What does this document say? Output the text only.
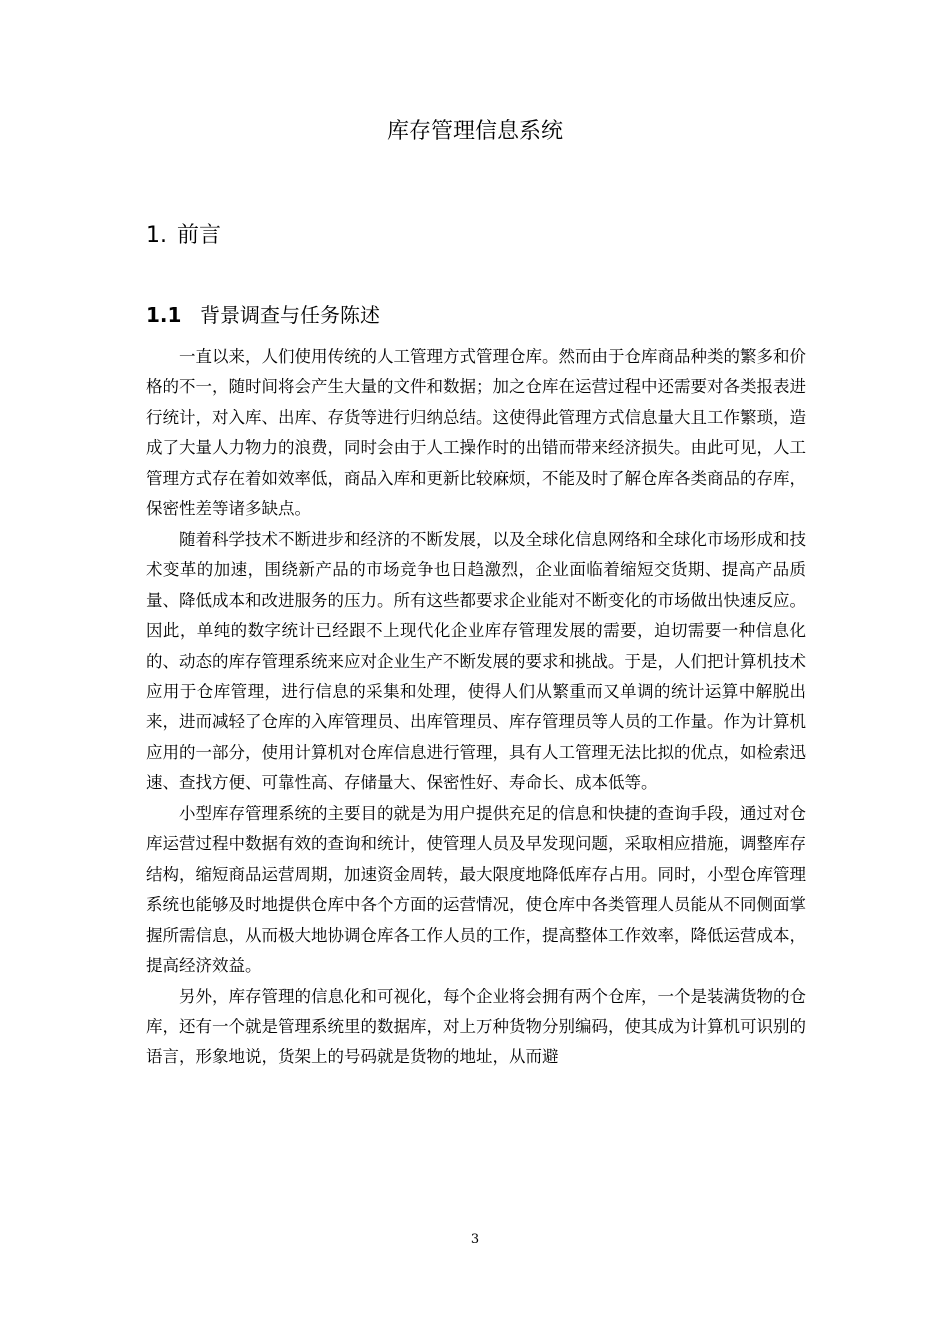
库存管理信息系统
1. 前言
1.1 背景调查与任务陈述

一直以来，人们使用传统的人工管理方式管理仓库。然而由于仓库商品种类的繁多和价格的不一，随时间将会产生大量的文件和数据；加之仓库在运营过程中还需要对各类报表进行统计，对入库、出库、存货等进行归纳总结。这使得此管理方式信息量大且工作繁琐，造成了大量人力物力的浪费，同时会由于人工操作时的出错而带来经济损失。由此可见，人工管理方式存在着如效率低，商品入库和更新比较麻烦，不能及时了解仓库各类商品的存库，保密性差等诸多缺点。

随着科学技术不断进步和经济的不断发展，以及全球化信息网络和全球化市场形成和技术变革的加速，围绕新产品的市场竞争也日趋激烈，企业面临着缩短交货期、提高产品质量、降低成本和改进服务的压力。所有这些都要求企业能对不断变化的市场做出快速反应。因此，单纯的数字统计已经跟不上现代化企业库存管理发展的需要，迫切需要一种信息化的、动态的库存管理系统来应对企业生产不断发展的要求和挑战。于是，人们把计算机技术应用于仓库管理，进行信息的采集和处理，使得人们从繁重而又单调的统计运算中解脱出来，进而减轻了仓库的入库管理员、出库管理员、库存管理员等人员的工作量。作为计算机应用的一部分，使用计算机对仓库信息进行管理，具有人工管理无法比拟的优点，如检索迅速、查找方便、可靠性高、存储量大、保密性好、寿命长、成本低等。

小型库存管理系统的主要目的就是为用户提供充足的信息和快捷的查询手段，通过对仓库运营过程中数据有效的查询和统计，使管理人员及早发现问题，采取相应措施，调整库存结构，缩短商品运营周期，加速资金周转，最大限度地降低库存占用。同时，小型仓库管理系统也能够及时地提供仓库中各个方面的运营情况，使仓库中各类管理人员能从不同侧面掌握所需信息，从而极大地协调仓库各工作人员的工作，提高整体工作效率，降低运营成本，提高经济效益。

另外，库存管理的信息化和可视化，每个企业将会拥有两个仓库，一个是装满货物的仓库，还有一个就是管理系统里的数据库，对上万种货物分别编码，使其成为计算机可识别的语言，形象地说，货架上的号码就是货物的地址，从而避

3
